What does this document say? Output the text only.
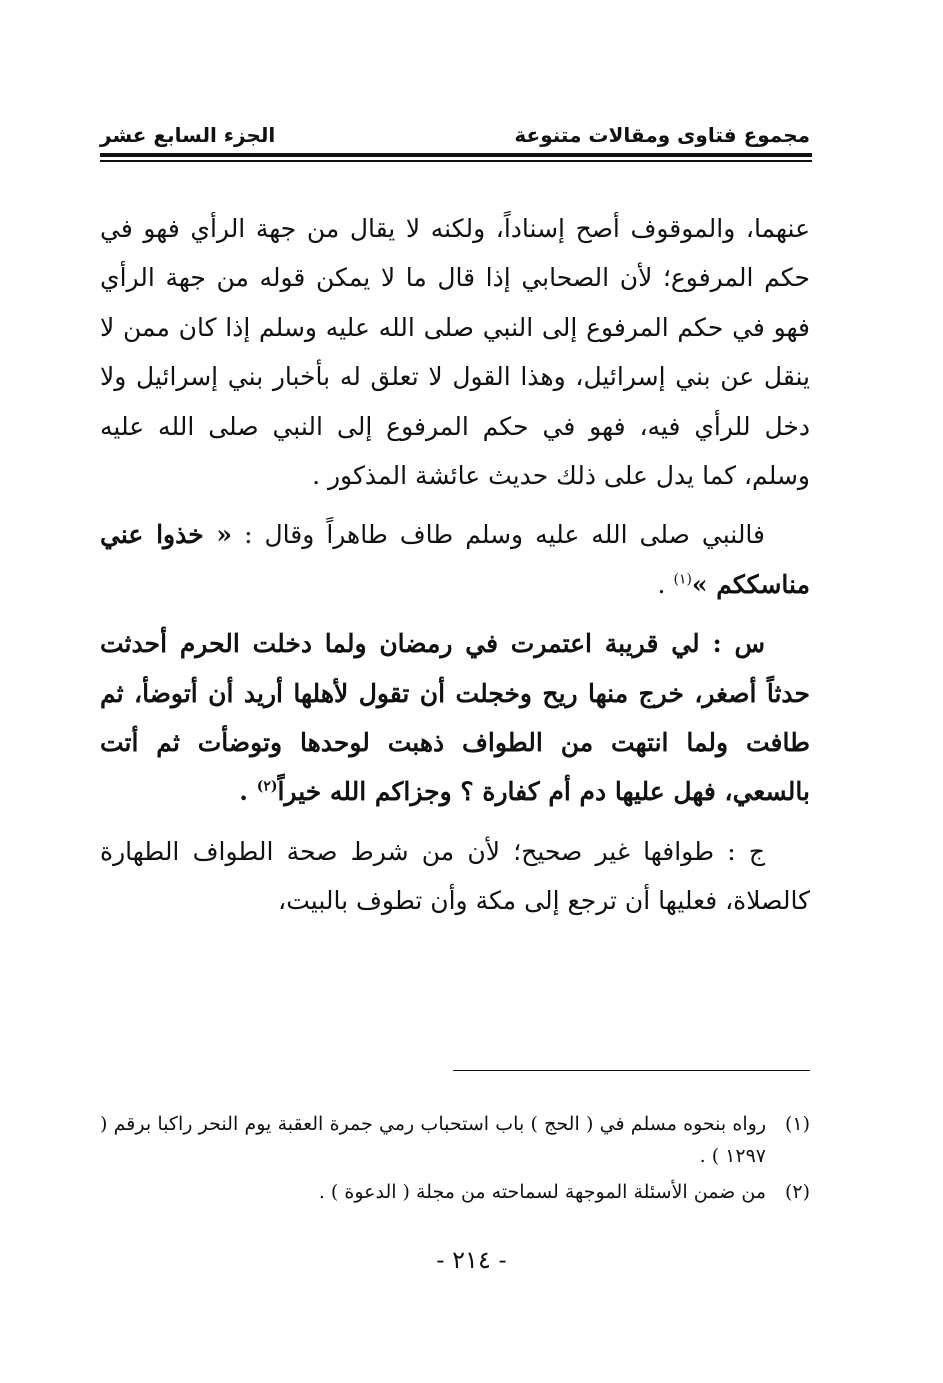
مجموع فتاوى ومقالات متنوعة
الجزء السابع عشر

عنهما، والموقوف أصح إسناداً، ولكنه لا يقال من جهة الرأي فهو في حكم المرفوع؛ لأن الصحابي إذا قال ما لا يمكن قوله من جهة الرأي فهو في حكم المرفوع إلى النبي صلى الله عليه وسلم إذا كان ممن لا ينقل عن بني إسرائيل، وهذا القول لا تعلق له بأخبار بني إسرائيل ولا دخل للرأي فيه، فهو في حكم المرفوع إلى النبي صلى الله عليه وسلم، كما يدل على ذلك حديث عائشة المذكور .

فالنبي صلى الله عليه وسلم طاف طاهراً وقال : « خذوا عني مناسككم »$^{(١)}$ .

س : لي قريبة اعتمرت في رمضان ولما دخلت الحرم أحدثت حدثاً أصغر، خرج منها ريح وخجلت أن تقول لأهلها أريد أن أتوضأ، ثم طافت ولما انتهت من الطواف ذهبت لوحدها وتوضأت ثم أتت بالسعي، فهل عليها دم أم كفارة ؟ وجزاكم الله خيراً$^{(٢)}$ .

ج : طوافها غير صحيح؛ لأن من شرط صحة الطواف الطهارة كالصلاة، فعليها أن ترجع إلى مكة وأن تطوف بالبيت،

(١)
رواه بنحوه مسلم في ( الحج ) باب استحباب رمي جمرة العقبة يوم النحر راكبا برقم ( ١٢٩٧ ) .
(٢)
من ضمن الأسئلة الموجهة لسماحته من مجلة ( الدعوة ) .
- ٢١٤ -
